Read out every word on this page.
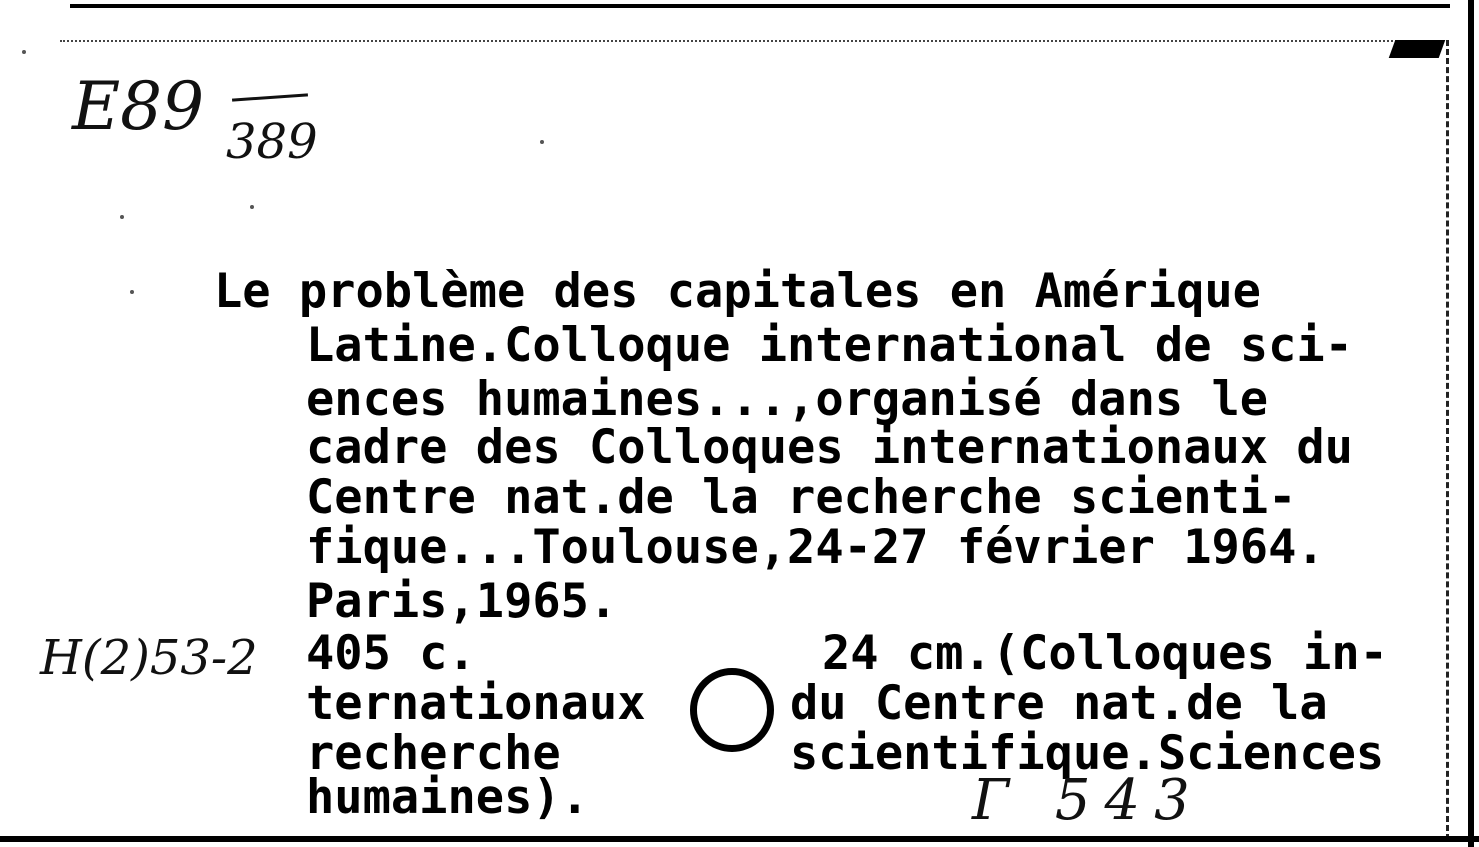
E89 389
Le problème des capitales en Amérique
Latine.Colloque international de sci-
ences humaines...,organisé dans le
cadre des Colloques internationaux du
Centre nat.de la recherche scienti-
fique...Toulouse,24-27 février 1964.
Paris,1965.
Н(2)53-2 405 c.	24 cm.(Colloques in-
ternationaux
recherche
humaines).
du Centre nat.de la
scientifique.Sciences
Г 543
